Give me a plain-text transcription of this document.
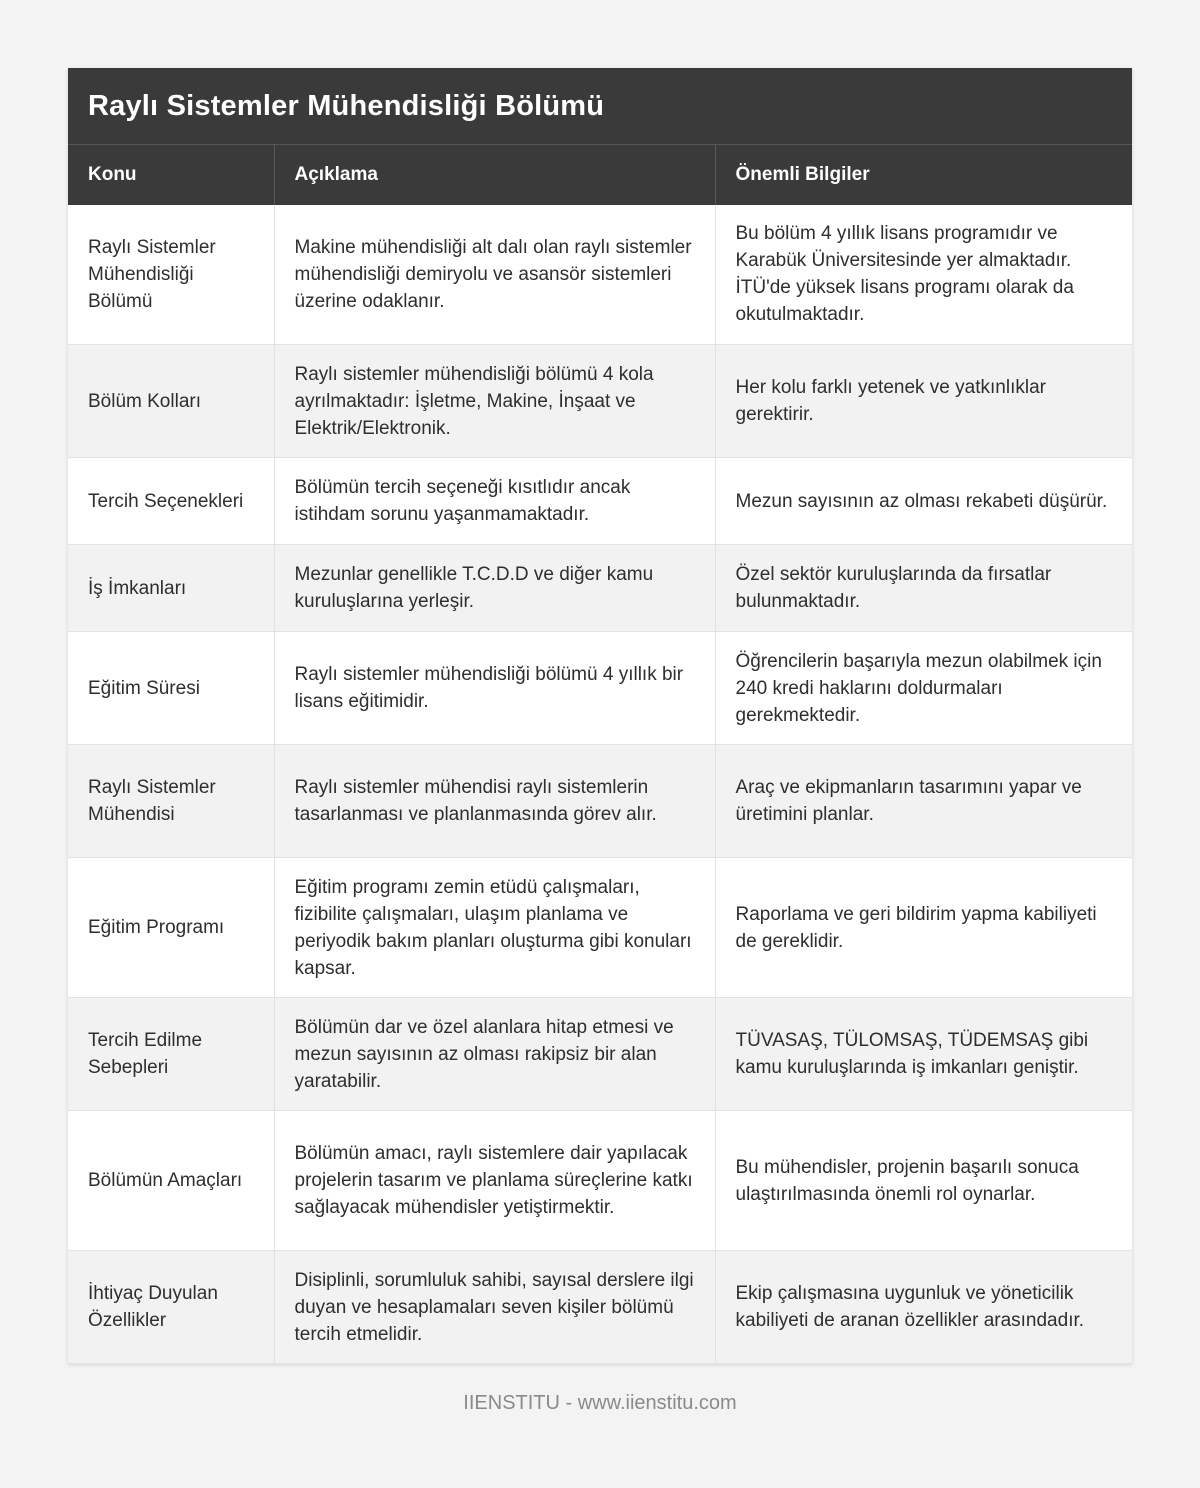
Raylı Sistemler Mühendisliği Bölümü
Konu	Açıklama	Önemli Bilgiler
Raylı Sistemler Mühendisliği Bölümü	Makine mühendisliği alt dalı olan raylı sistemler mühendisliği demiryolu ve asansör sistemleri üzerine odaklanır.	Bu bölüm 4 yıllık lisans programıdır ve Karabük Üniversitesinde yer almaktadır. İTÜ'de yüksek lisans programı olarak da okutulmaktadır.
Bölüm Kolları	Raylı sistemler mühendisliği bölümü 4 kola ayrılmaktadır: İşletme, Makine, İnşaat ve Elektrik/Elektronik.	Her kolu farklı yetenek ve yatkınlıklar gerektirir.
Tercih Seçenekleri	Bölümün tercih seçeneği kısıtlıdır ancak istihdam sorunu yaşanmamaktadır.	Mezun sayısının az olması rekabeti düşürür.
İş İmkanları	Mezunlar genellikle T.C.D.D ve diğer kamu kuruluşlarına yerleşir.	Özel sektör kuruluşlarında da fırsatlar bulunmaktadır.
Eğitim Süresi	Raylı sistemler mühendisliği bölümü 4 yıllık bir lisans eğitimidir.	Öğrencilerin başarıyla mezun olabilmek için 240 kredi haklarını doldurmaları gerekmektedir.
Raylı Sistemler Mühendisi	Raylı sistemler mühendisi raylı sistemlerin tasarlanması ve planlanmasında görev alır.	Araç ve ekipmanların tasarımını yapar ve üretimini planlar.
Eğitim Programı	Eğitim programı zemin etüdü çalışmaları, fizibilite çalışmaları, ulaşım planlama ve periyodik bakım planları oluşturma gibi konuları kapsar.	Raporlama ve geri bildirim yapma kabiliyeti de gereklidir.
Tercih Edilme Sebepleri	Bölümün dar ve özel alanlara hitap etmesi ve mezun sayısının az olması rakipsiz bir alan yaratabilir.	TÜVASAŞ, TÜLOMSAŞ, TÜDEMSAŞ gibi kamu kuruluşlarında iş imkanları geniştir.
Bölümün Amaçları	Bölümün amacı, raylı sistemlere dair yapılacak projelerin tasarım ve planlama süreçlerine katkı sağlayacak mühendisler yetiştirmektir.	Bu mühendisler, projenin başarılı sonuca ulaştırılmasında önemli rol oynarlar.
İhtiyaç Duyulan Özellikler	Disiplinli, sorumluluk sahibi, sayısal derslere ilgi duyan ve hesaplamaları seven kişiler bölümü tercih etmelidir.	Ekip çalışmasına uygunluk ve yöneticilik kabiliyeti de aranan özellikler arasındadır.
IIENSTITU - www.iienstitu.com
